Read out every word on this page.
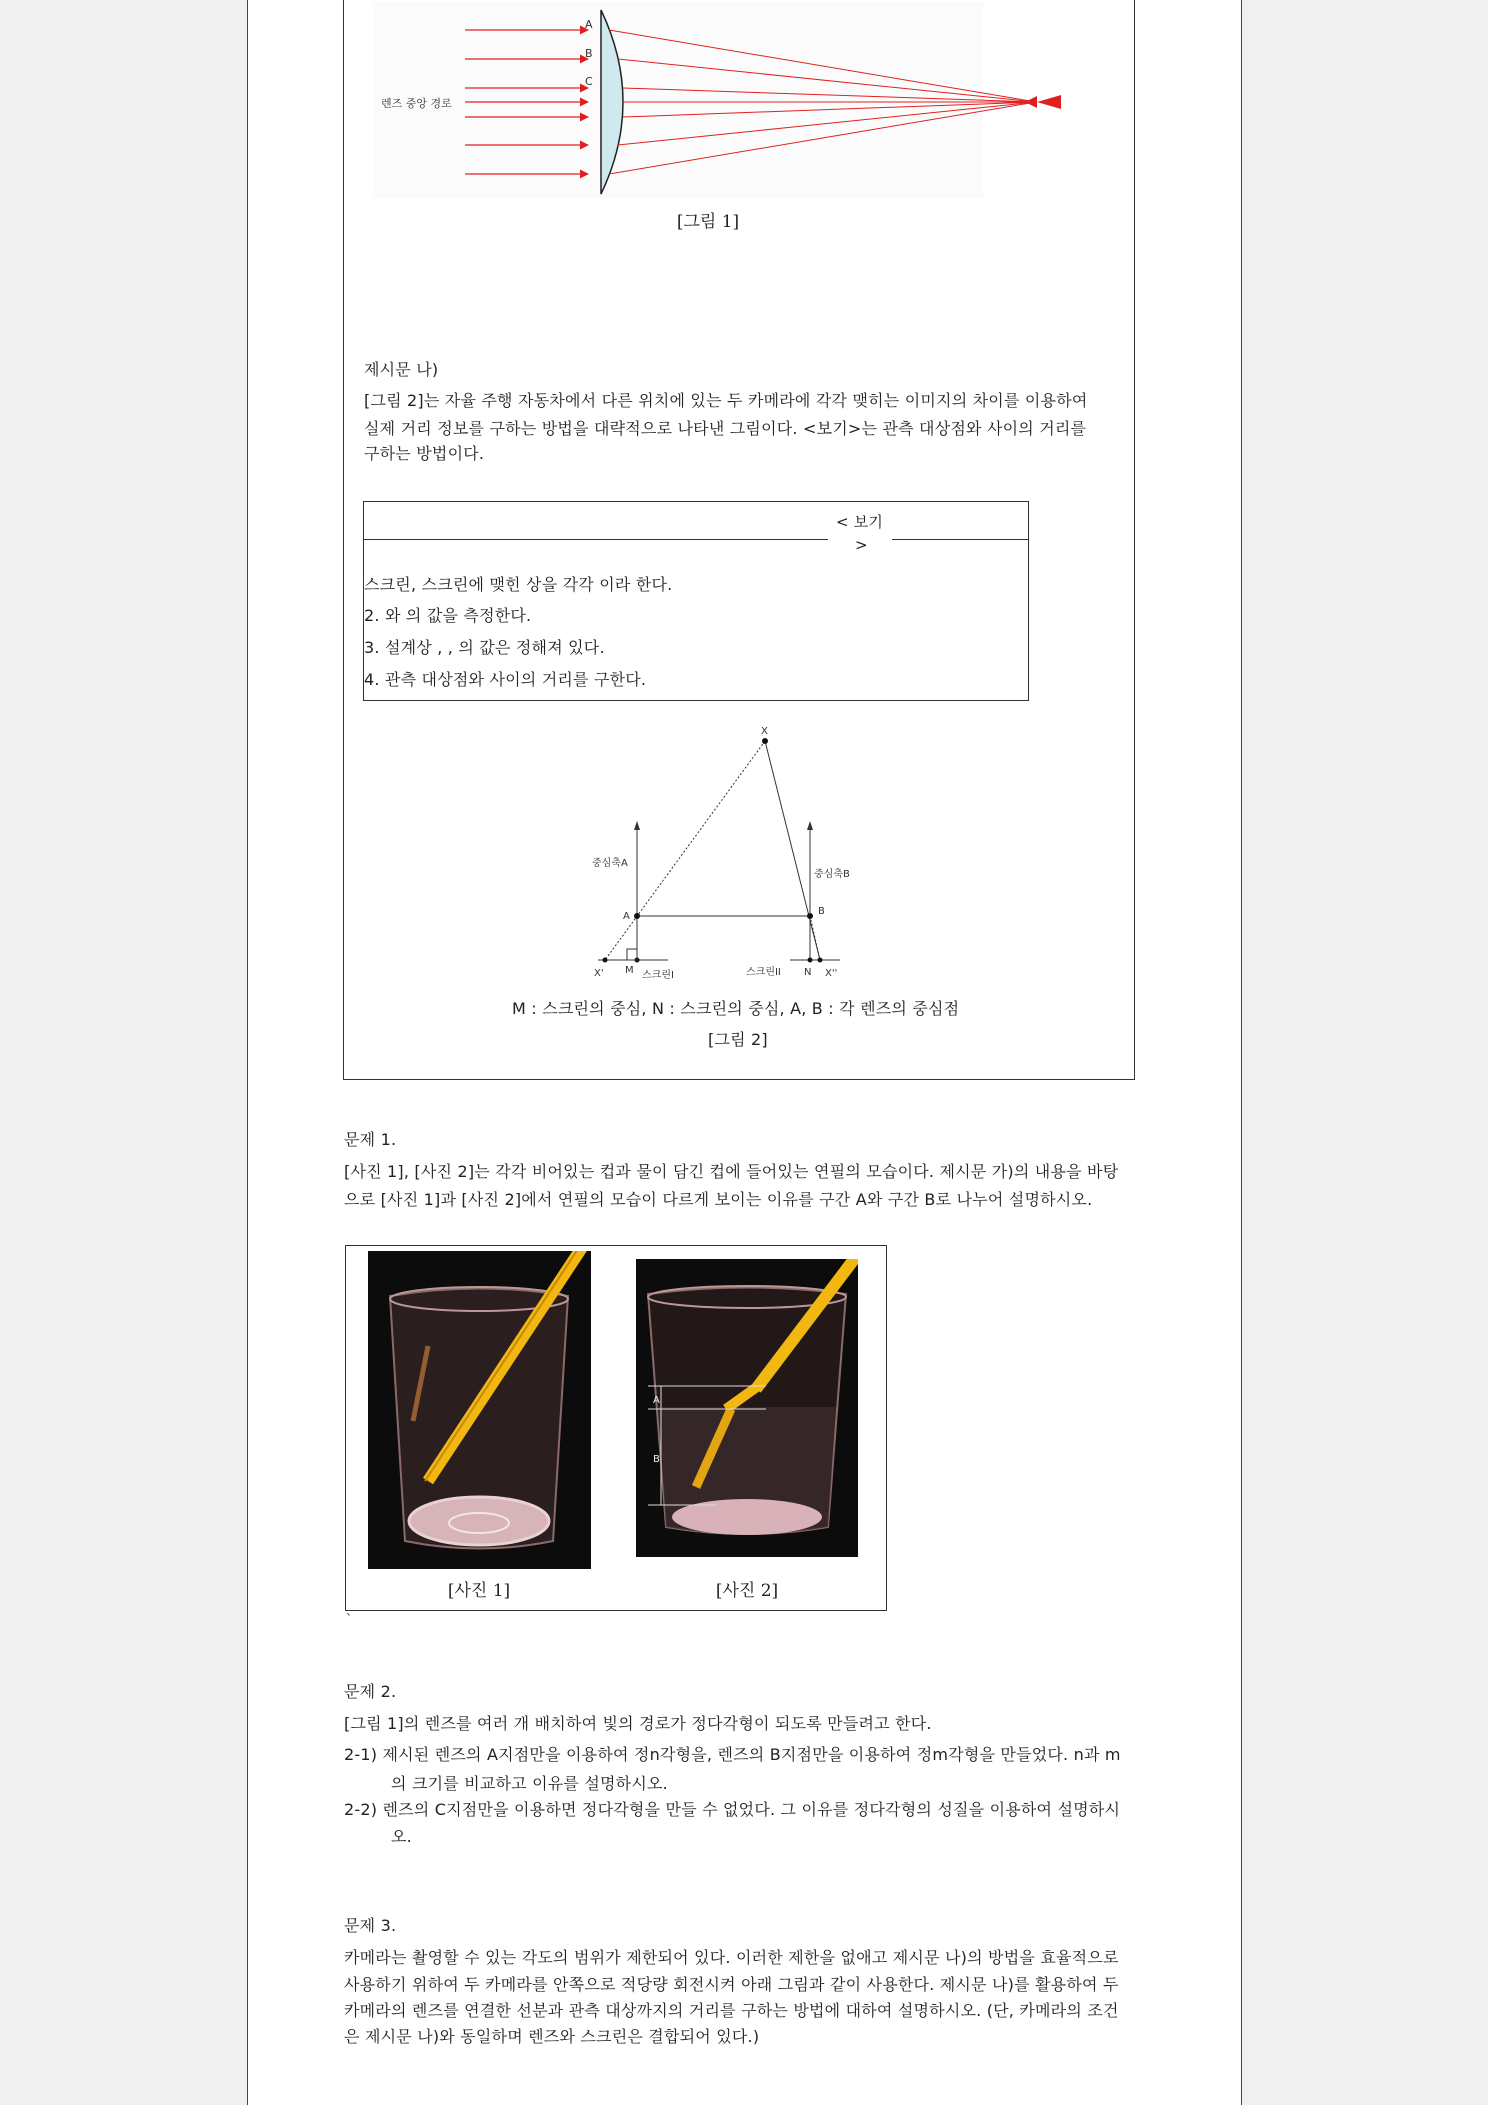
렌즈 중앙 경로
A
B
C
[그림 1]
제시문 나)
[그림 2]는 자율 주행 자동차에서 다른 위치에 있는 두 카메라에 각각 맺히는 이미지의 차이를 이용하여
실제 거리 정보를 구하는 방법을 대략적으로 나타낸 그림이다. <보기>는 관측 대상점와 사이의 거리를
구하는 방법이다.
< 보기
>
스크린, 스크린에 맺힌 상을 각각 이라 한다.
2. 와 의 값을 측정한다.
3. 설계상 , , 의 값은 정해져 있다.
4. 관측 대상점와 사이의 거리를 구한다.
X
중심축A
중심축B
A	B
X' M 스크린I	스크린II N X''
M : 스크린의 중심, N : 스크린의 중심, A, B : 각 렌즈의 중심점
[그림 2]
문제 1.
[사진 1], [사진 2]는 각각 비어있는 컵과 물이 담긴 컵에 들어있는 연필의 모습이다. 제시문 가)의 내용을 바탕
으로 [사진 1]과 [사진 2]에서 연필의 모습이 다르게 보이는 이유를 구간 A와 구간 B로 나누어 설명하시오.
A
B
[사진 1]	[사진 2]
`
문제 2.
[그림 1]의 렌즈를 여러 개 배치하여 빛의 경로가 정다각형이 되도록 만들려고 한다.
2-1) 제시된 렌즈의 A지점만을 이용하여 정n각형을, 렌즈의 B지점만을 이용하여 정m각형을 만들었다. n과 m
의 크기를 비교하고 이유를 설명하시오.
2-2) 렌즈의 C지점만을 이용하면 정다각형을 만들 수 없었다. 그 이유를 정다각형의 성질을 이용하여 설명하시
오.
문제 3.
카메라는 촬영할 수 있는 각도의 범위가 제한되어 있다. 이러한 제한을 없애고 제시문 나)의 방법을 효율적으로
사용하기 위하여 두 카메라를 안쪽으로 적당량 회전시켜 아래 그림과 같이 사용한다. 제시문 나)를 활용하여 두
카메라의 렌즈를 연결한 선분과 관측 대상까지의 거리를 구하는 방법에 대하여 설명하시오. (단, 카메라의 조건
은 제시문 나)와 동일하며 렌즈와 스크린은 결합되어 있다.)
